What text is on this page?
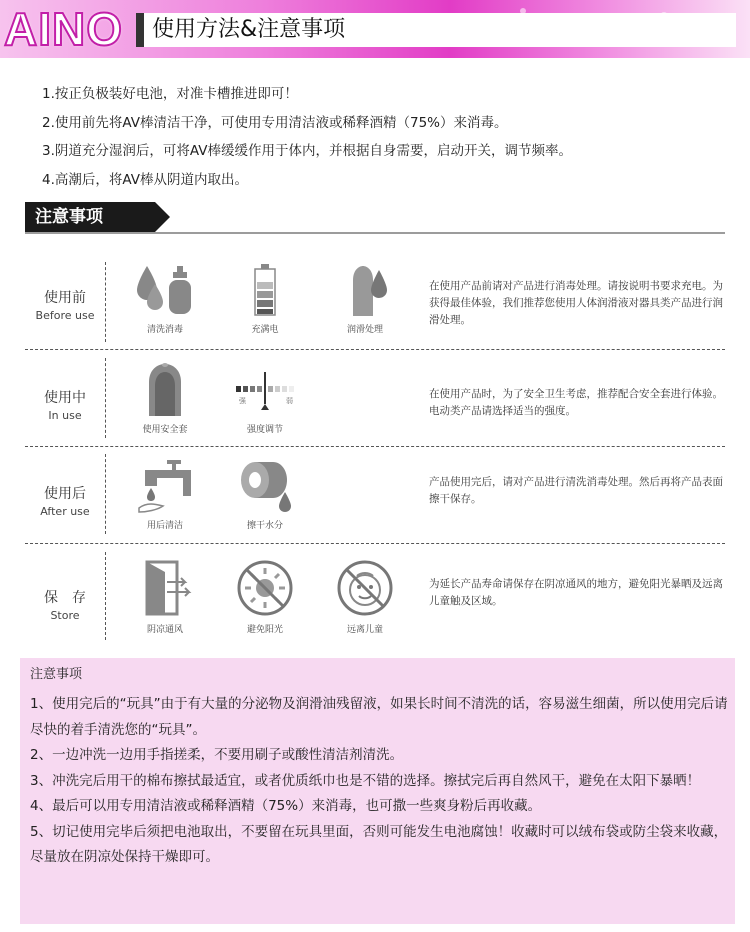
AINO 使用方法&注意事项
1.按正负极装好电池，对准卡槽推进即可！
2.使用前先将AV棒清洁干净，可使用专用清洁液或稀释酒精（75%）来消毒。
3.阴道充分湿润后，可将AV棒缓缓作用于体内，并根据自身需要，启动开关，调节频率。
4.高潮后，将AV棒从阴道内取出。
注意事项
使用前
Before use
清洗消毒	充满电	润滑处理
在使用产品前请对产品进行消毒处理。请按说明书要求充电。为获得最佳体验，我们推荐您使用人体润滑液对器具类产品进行润滑处理。
使用中
In use
使用安全套
强	弱
强度调节
在使用产品时，为了安全卫生考虑，推荐配合安全套进行体验。电动类产品请选择适当的强度。
使用后
After use
用后清洁	擦干水分
产品使用完后，请对产品进行清洗消毒处理。然后再将产品表面擦干保存。
保　存
Store
阴凉通风	避免阳光	远离儿童
为延长产品寿命请保存在阴凉通风的地方，避免阳光暴晒及远离儿童触及区域。
注意事项
1、使用完后的“玩具”由于有大量的分泌物及润滑油残留液，如果长时间不清洗的话，容易滋生细菌，所以使用完后请尽快的着手清洗您的“玩具”。
2、一边冲洗一边用手指搓柔，不要用刷子或酸性清洁剂清洗。
3、冲洗完后用干的棉布擦拭最适宜，或者优质纸巾也是不错的选择。擦拭完后再自然风干，避免在太阳下暴晒！
4、最后可以用专用清洁液或稀释酒精（75%）来消毒，也可撒一些爽身粉后再收藏。
5、切记使用完毕后须把电池取出，不要留在玩具里面，否则可能发生电池腐蚀！收藏时可以绒布袋或防尘袋来收藏，尽量放在阴凉处保持干燥即可。
